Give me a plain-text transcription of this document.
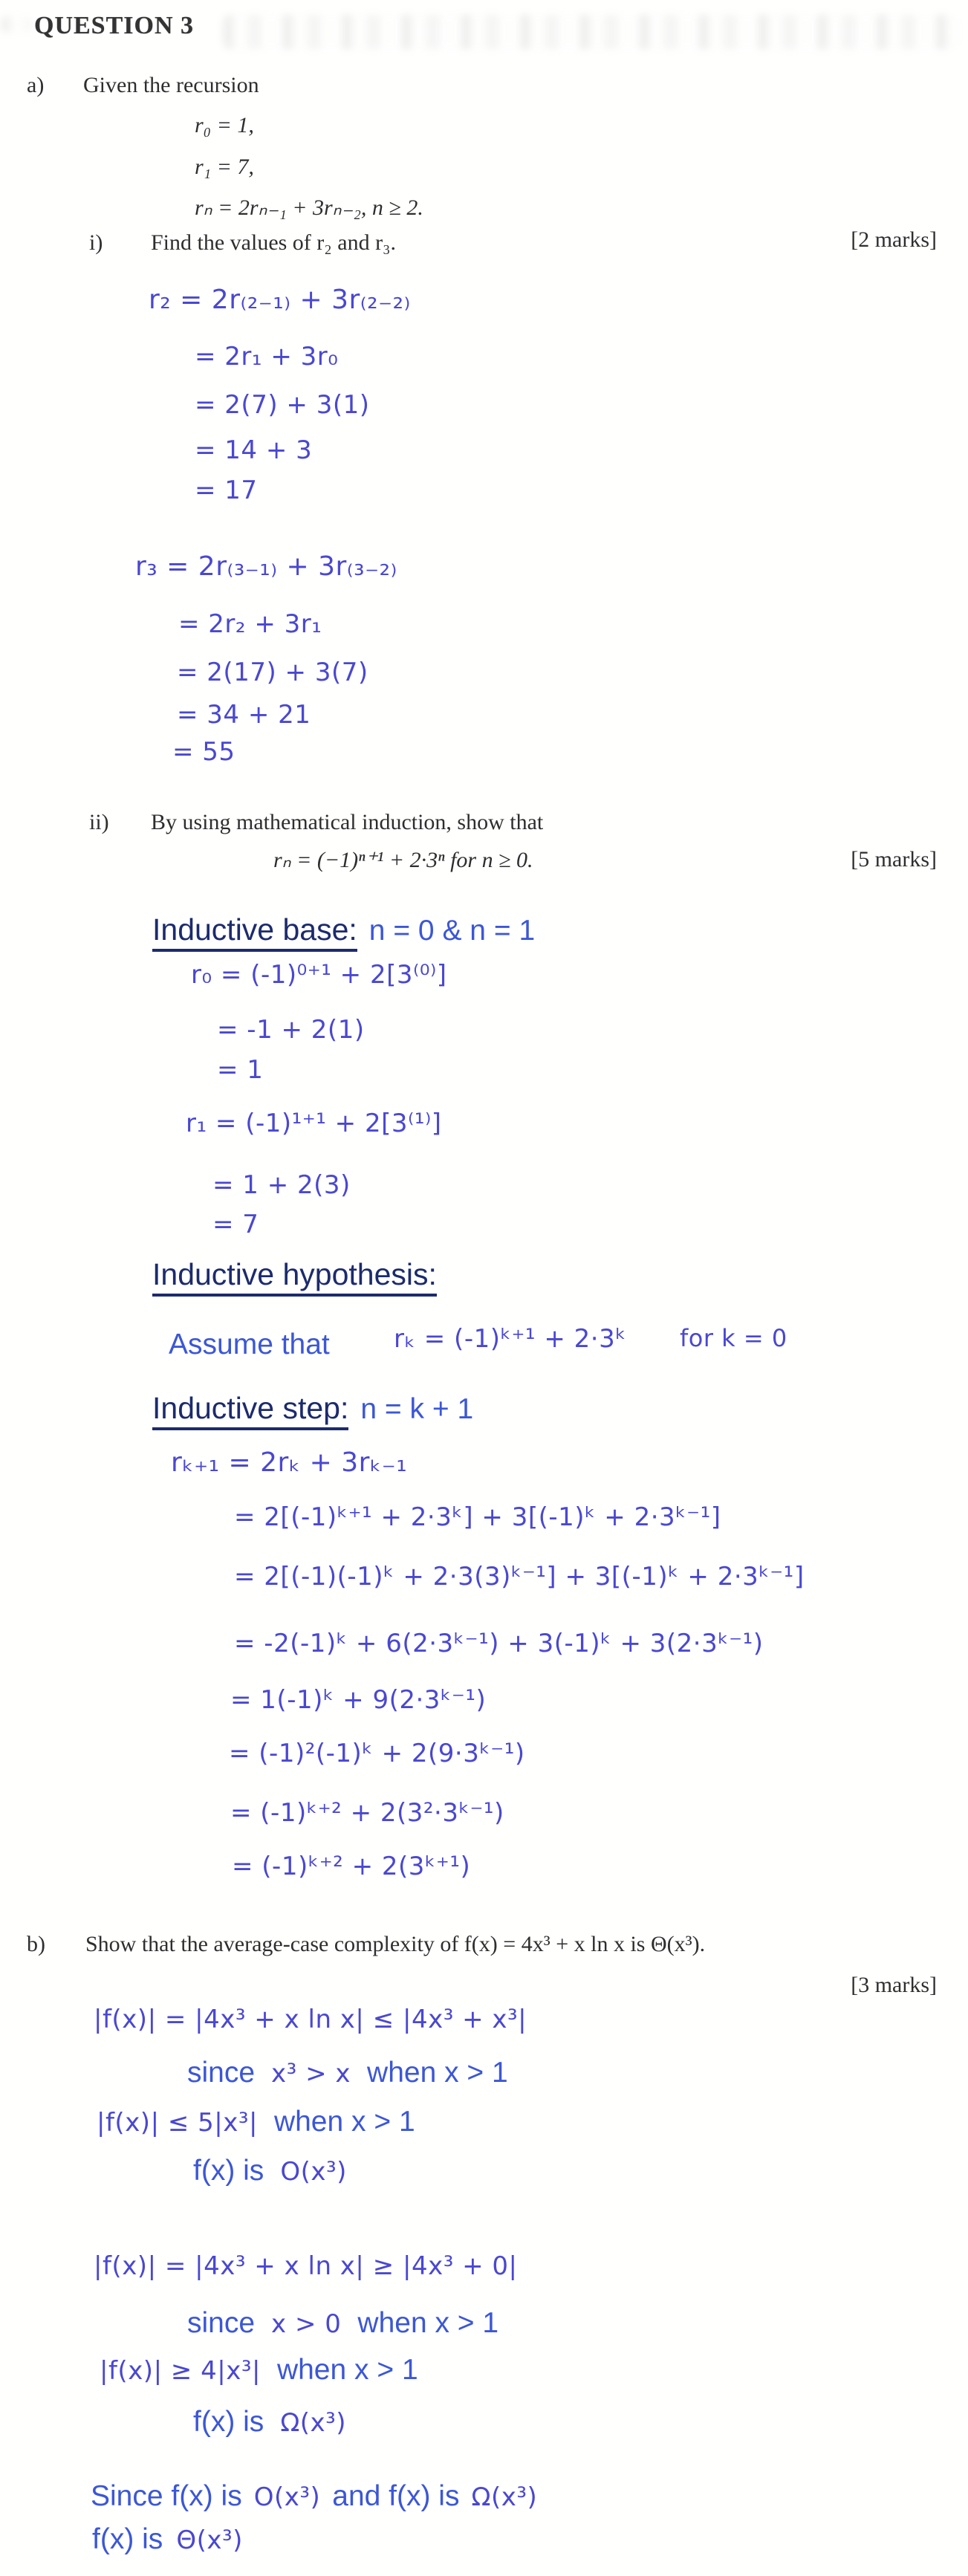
QUESTION 3
a) Given the recursion
r₀ = 1,
r₁ = 7,
rₙ = 2rₙ₋₁ + 3rₙ₋₂, n ≥ 2.
i) Find the values of r₂ and r₃.	[2 marks]
r₂ = 2r₍₂₋₁₎ + 3r₍₂₋₂₎
= 2r₁ + 3r₀
= 2(7) + 3(1)
= 14 + 3
= 17
r₃ = 2r₍₃₋₁₎ + 3r₍₃₋₂₎
= 2r₂ + 3r₁
= 2(17) + 3(7)
= 34 + 21
= 55
ii) By using mathematical induction, show that
rₙ = (−1)ⁿ⁺¹ + 2·3ⁿ for n ≥ 0.	[5 marks]
Inductive base: n = 0 & n = 1
r₀ = (-1)⁰⁺¹ + 2[3⁽⁰⁾]
= -1 + 2(1)
= 1
r₁ = (-1)¹⁺¹ + 2[3⁽¹⁾]
= 1 + 2(3)
= 7
Inductive hypothesis:
Assume that	rₖ = (-1)ᵏ⁺¹ + 2·3ᵏ for k = 0
Inductive step: n = k + 1
rₖ₊₁ = 2rₖ + 3rₖ₋₁
= 2[(-1)ᵏ⁺¹ + 2·3ᵏ] + 3[(-1)ᵏ + 2·3ᵏ⁻¹]
= 2[(-1)(-1)ᵏ + 2·3(3)ᵏ⁻¹] + 3[(-1)ᵏ + 2·3ᵏ⁻¹]
= -2(-1)ᵏ + 6(2·3ᵏ⁻¹) + 3(-1)ᵏ + 3(2·3ᵏ⁻¹)
= 1(-1)ᵏ + 9(2·3ᵏ⁻¹)
= (-1)²(-1)ᵏ + 2(9·3ᵏ⁻¹)
= (-1)ᵏ⁺² + 2(3²·3ᵏ⁻¹)
= (-1)ᵏ⁺² + 2(3ᵏ⁺¹)
b) Show that the average-case complexity of f(x) = 4x³ + x ln x is Θ(x³).
[3 marks]
|f(x)| = |4x³ + x ln x| ≤ |4x³ + x³|
since x³ > x when x > 1
|f(x)| ≤ 5|x³| when x > 1
f(x) is O(x³)
|f(x)| = |4x³ + x ln x| ≥ |4x³ + 0|
since x > 0 when x > 1
|f(x)| ≥ 4|x³| when x > 1
f(x) is Ω(x³)
Since f(x) is O(x³) and f(x) is Ω(x³)
f(x) is Θ(x³)
